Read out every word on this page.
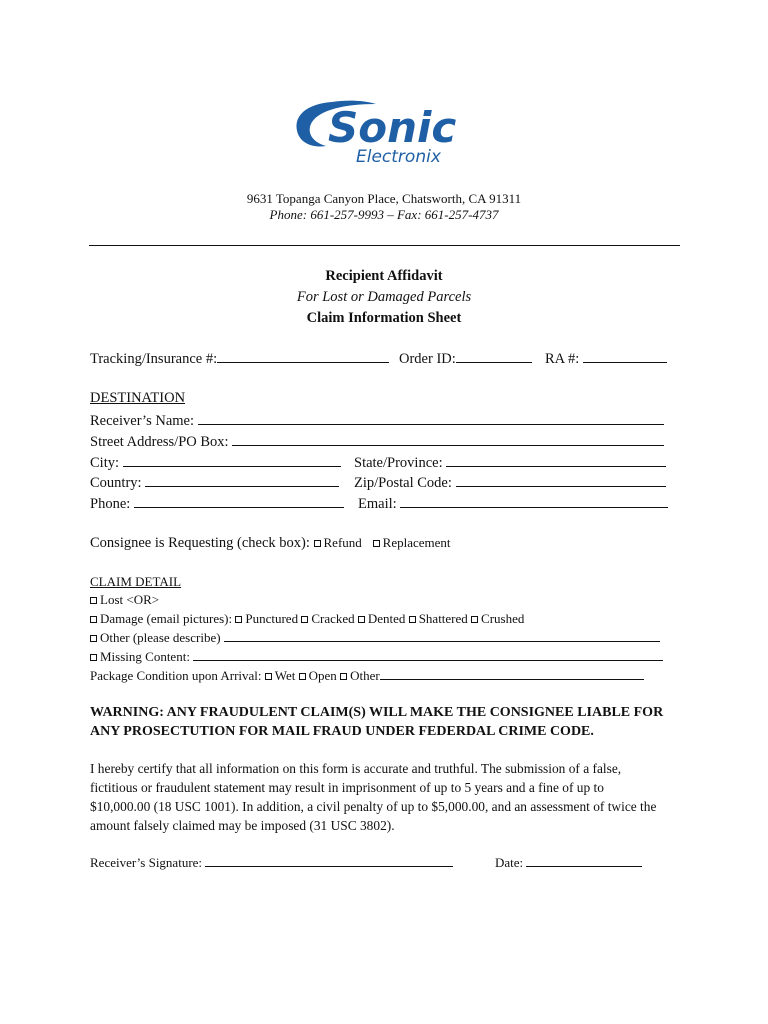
Sonic
Electronix
9631 Topanga Canyon Place, Chatsworth, CA 91311
Phone: 661-257-9993 – Fax: 661-257-4737
Recipient Affidavit
For Lost or Damaged Parcels
Claim Information Sheet
Tracking/Insurance #:	Order ID:	RA #:
DESTINATION
Receiver’s Name:
Street Address/PO Box:
City:	State/Province:
Country:	Zip/Postal Code:
Phone:	Email:
Consignee is Requesting (check box): Refund Replacement
CLAIM DETAIL
Lost <OR>
Damage (email pictures): Punctured Cracked Dented Shattered Crushed
Other (please describe)
Missing Content:
Package Condition upon Arrival: Wet Open Other
WARNING: ANY FRAUDULENT CLAIM(S) WILL MAKE THE CONSIGNEE LIABLE FOR
ANY PROSECTUTION FOR MAIL FRAUD UNDER FEDERDAL CRIME CODE.
I hereby certify that all information on this form is accurate and truthful. The submission of a false,
fictitious or fraudulent statement may result in imprisonment of up to 5 years and a fine of up to
$10,000.00 (18 USC 1001). In addition, a civil penalty of up to $5,000.00, and an assessment of twice the
amount falsely claimed may be imposed (31 USC 3802).
Receiver’s Signature:	Date:
